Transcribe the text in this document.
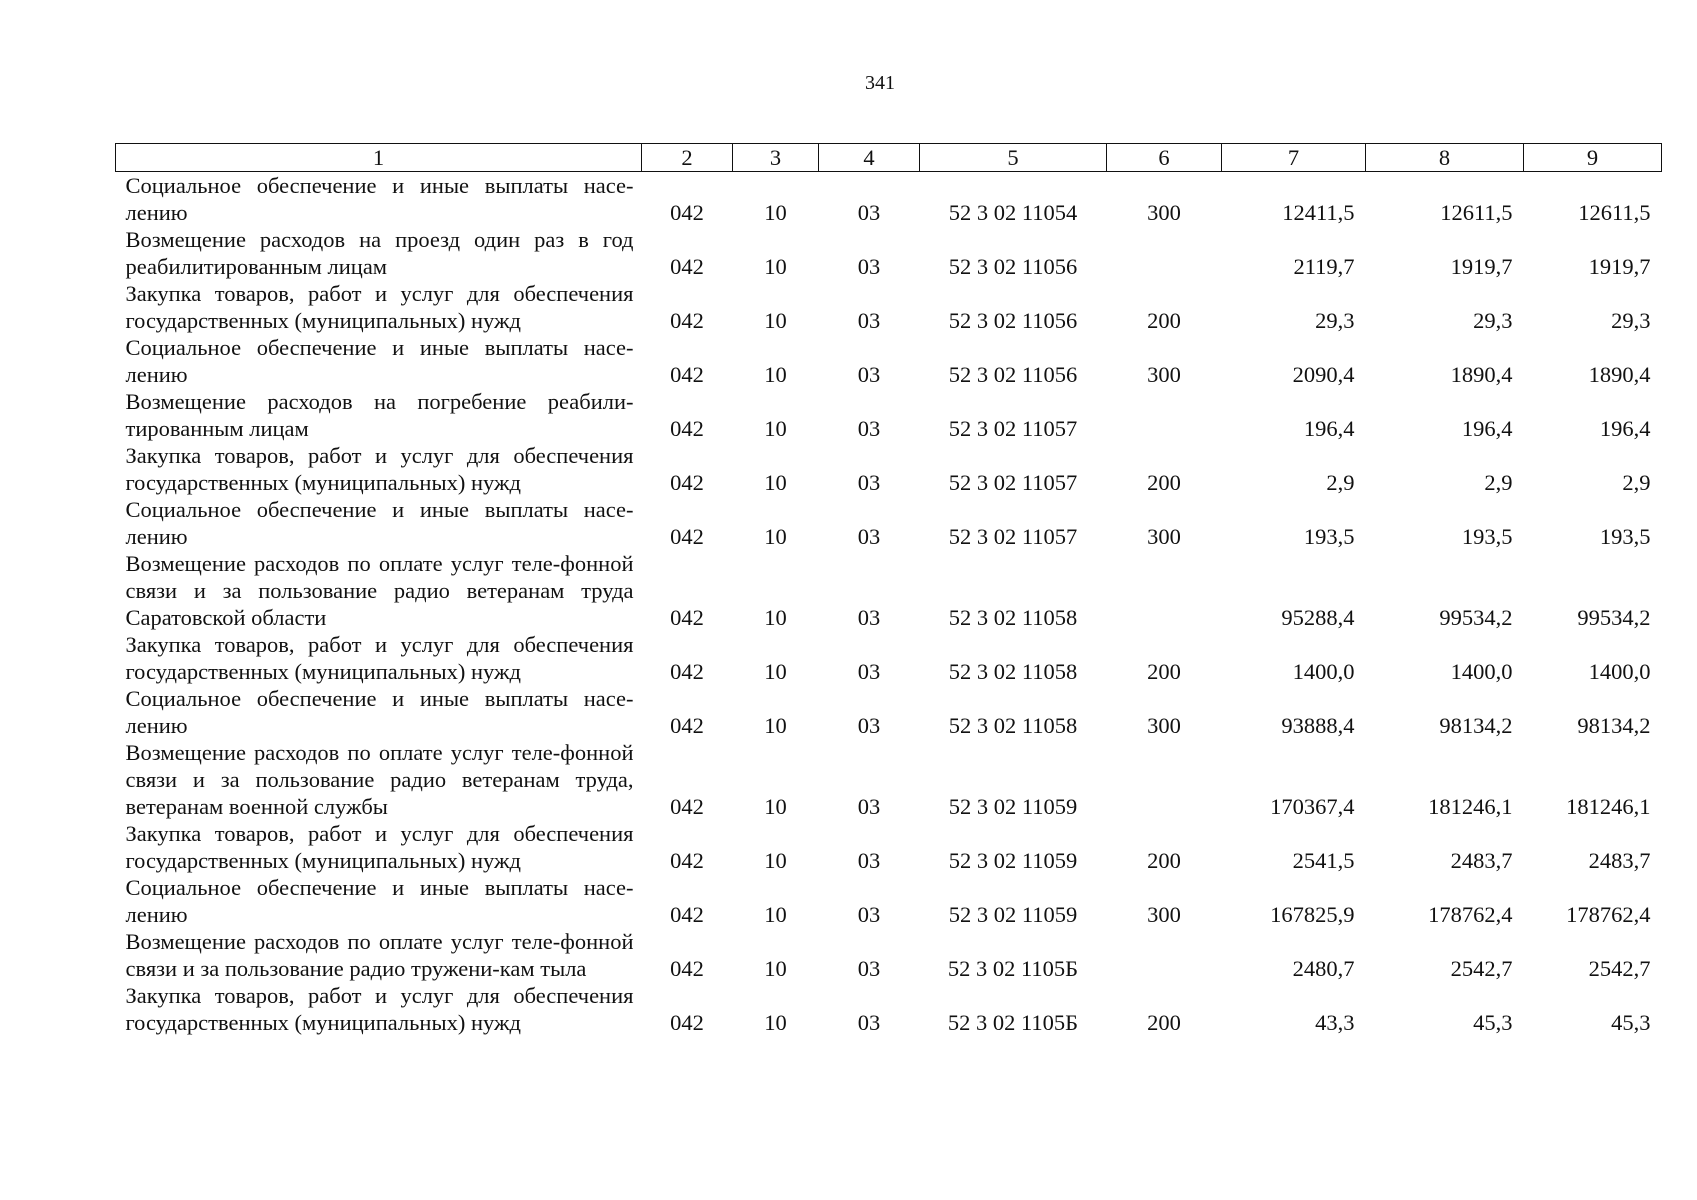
341
1	2	3	4	5	6	7	8	9
Социальное обеспечение и иные выплаты насе-лению	042	10	03	52 3 02 11054	300	12411,5	12611,5	12611,5
Возмещение расходов на проезд один раз в год реабилитированным лицам	042	10	03	52 3 02 11056		2119,7	1919,7	1919,7
Закупка товаров, работ и услуг для обеспечения государственных (муниципальных) нужд	042	10	03	52 3 02 11056	200	29,3	29,3	29,3
Социальное обеспечение и иные выплаты насе-лению	042	10	03	52 3 02 11056	300	2090,4	1890,4	1890,4
Возмещение расходов на погребение реабили-тированным лицам	042	10	03	52 3 02 11057		196,4	196,4	196,4
Закупка товаров, работ и услуг для обеспечения государственных (муниципальных) нужд	042	10	03	52 3 02 11057	200	2,9	2,9	2,9
Социальное обеспечение и иные выплаты насе-лению	042	10	03	52 3 02 11057	300	193,5	193,5	193,5
Возмещение расходов по оплате услуг теле-фонной связи и за пользование радио ветеранам труда Саратовской области	042	10	03	52 3 02 11058		95288,4	99534,2	99534,2
Закупка товаров, работ и услуг для обеспечения государственных (муниципальных) нужд	042	10	03	52 3 02 11058	200	1400,0	1400,0	1400,0
Социальное обеспечение и иные выплаты насе-лению	042	10	03	52 3 02 11058	300	93888,4	98134,2	98134,2
Возмещение расходов по оплате услуг теле-фонной связи и за пользование радио ветеранам труда, ветеранам военной службы	042	10	03	52 3 02 11059		170367,4	181246,1	181246,1
Закупка товаров, работ и услуг для обеспечения государственных (муниципальных) нужд	042	10	03	52 3 02 11059	200	2541,5	2483,7	2483,7
Социальное обеспечение и иные выплаты насе-лению	042	10	03	52 3 02 11059	300	167825,9	178762,4	178762,4
Возмещение расходов по оплате услуг теле-фонной связи и за пользование радио тружени-кам тыла	042	10	03	52 3 02 1105Б		2480,7	2542,7	2542,7
Закупка товаров, работ и услуг для обеспечения государственных (муниципальных) нужд	042	10	03	52 3 02 1105Б	200	43,3	45,3	45,3
